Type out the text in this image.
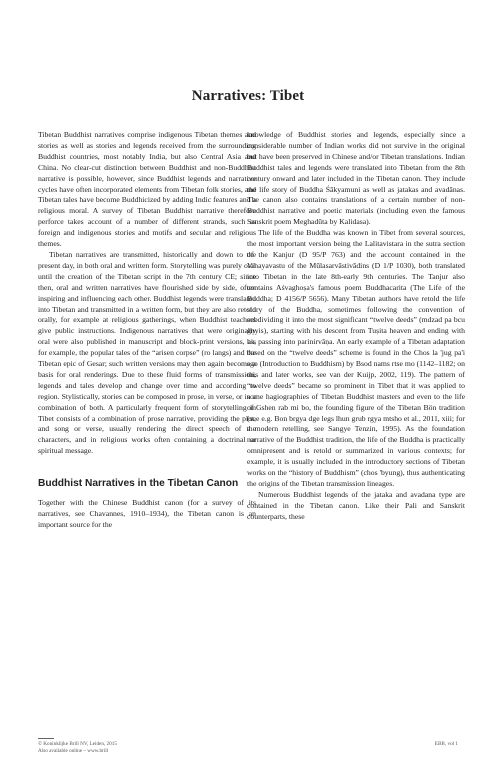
Narratives: Tibet

Tibetan Buddhist narratives comprise indigenous Tibetan themes and stories as well as stories and legends received from the surrounding Buddhist countries, most notably India, but also Central Asia and China. No clear-cut distinction between Buddhist and non-Buddhist narrative is possible, however, since Buddhist legends and narrative cycles have often incorporated elements from Tibetan folk stories, and Tibetan tales have become Buddhicized by adding Indic features and a religious moral. A survey of Tibetan Buddhist narrative therefore perforce takes account of a number of different strands, such as foreign and indigenous stories and motifs and secular and religious themes.

Tibetan narratives are transmitted, historically and down to the present day, in both oral and written form. Storytelling was purely oral until the creation of the Tibetan script in the 7th century CE; since then, oral and written narratives have flourished side by side, often inspiring and influencing each other. Buddhist legends were translated into Tibetan and transmitted in a written form, but they are also retold orally, for example at religious gatherings, when Buddhist teachers give public instructions. Indigenous narratives that were originally oral were also published in manuscript and block-print versions, as, for example, the popular tales of the “arisen corpse” (ro langs) and the Tibetan epic of Gesar; such written versions may then again become a basis for oral renderings. Due to these fluid forms of transmission, legends and tales develop and change over time and according to region. Stylistically, stories can be composed in prose, in verse, or in a combination of both. A particularly frequent form of storytelling in Tibet consists of a combination of prose narrative, providing the plot, and song or verse, usually rendering the direct speech of the characters, and in religious works often containing a doctrinal or spiritual message.

Buddhist Narratives in the Tibetan Canon

Together with the Chinese Buddhist canon (for a survey of its narratives, see Chavannes, 1910–1934), the Tibetan canon is an important source for the

knowledge of Buddhist stories and legends, especially since a considerable number of Indian works did not survive in the original but have been preserved in Chinese and/or Tibetan translations. Indian Buddhist tales and legends were translated into Tibetan from the 8th century onward and later included in the Tibetan canon. They include the life story of Buddha Śākyamuni as well as jatakas and avadānas. The canon also contains translations of a certain number of non-Buddhist narrative and poetic materials (including even the famous Sanskrit poem Meghadūta by Kalidasa).

The life of the Buddha was known in Tibet from several sources, the most important version being the Lalitavistara in the sutra section of the Kanjur (D 95/P 763) and the account contained in the Vinayavastu of the Mūlasarvāstivādins (D 1/P 1030), both translated into Tibetan in the late 8th-early 9th centuries. The Tanjur also contains Aśvaghoṣa's famous poem Buddhacarita (The Life of the Buddha; D 4156/P 5656). Many Tibetan authors have retold the life story of the Buddha, sometimes following the convention of subdividing it into the most significant “twelve deeds” (mdzad pa bcu gnyis), starting with his descent from Tuṣita heaven and ending with his passing into parinirvāṇa. An early example of a Tibetan adaptation based on the “twelve deeds” scheme is found in the Chos la 'jug pa'i sgo (Introduction to Buddhism) by Bsod nams rtse mo (1142–1182; on this and later works, see van der Kuijp, 2002, 119). The pattern of “twelve deeds” became so prominent in Tibet that it was applied to some hagiographies of Tibetan Buddhist masters and even to the life of Gshen rab mi bo, the founding figure of the Tibetan Bön tradition (see e.g. Bon brgya dge legs lhun grub rgya mtsho et al., 2011, xiii; for a modern retelling, see Sangye Tenzin, 1995). As the foundation narrative of the Buddhist tradition, the life of the Buddha is practically omnipresent and is retold or summarized in various contexts; for example, it is usually included in the introductory sections of Tibetan works on the “history of Buddhism” (chos 'byung), thus authenticating the origins of the Tibetan transmission lineages.

Numerous Buddhist legends of the jataka and avadana type are contained in the Tibetan canon. Like their Pali and Sanskrit counterparts, these

© Koninklijke Brill NV, Leiden, 2015
Also available online – www.brill
EBB, vol 1
